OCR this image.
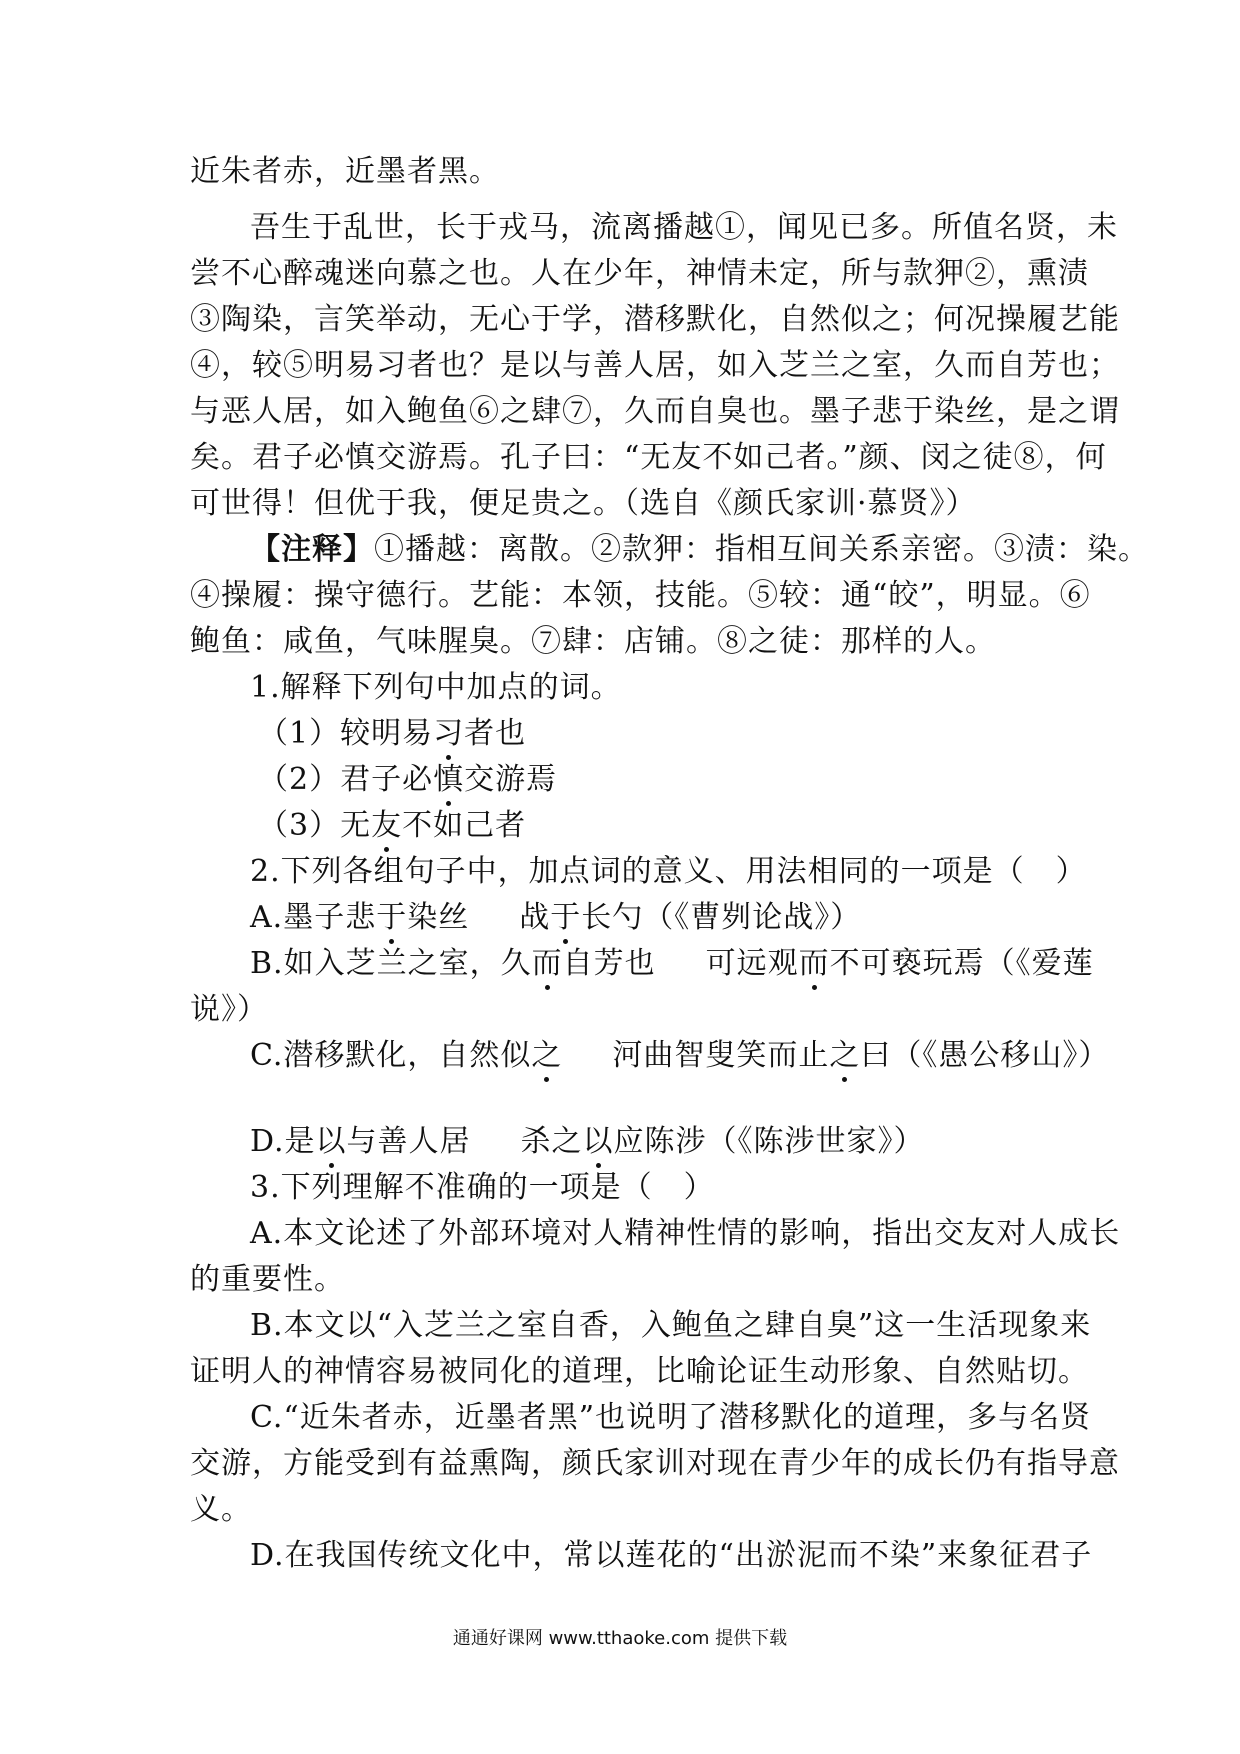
近朱者赤，近墨者黑。
吾生于乱世，长于戎马，流离播越①，闻见已多。所值名贤，未
尝不心醉魂迷向慕之也。人在少年，神情未定，所与款狎②，熏渍
③陶染，言笑举动，无心于学，潜移默化，自然似之；何况操履艺能
④，较⑤明易习者也？是以与善人居，如入芝兰之室，久而自芳也；
与恶人居，如入鲍鱼⑥之肆⑦，久而自臭也。墨子悲于染丝，是之谓
矣。君子必慎交游焉。孔子曰：“无友不如己者。”颜、闵之徒⑧，何
可世得！但优于我，便足贵之。（选自《颜氏家训·慕贤》）
【注释】①播越：离散。②款狎：指相互间关系亲密。③渍：染。
④操履：操守德行。艺能：本领，技能。⑤较：通“皎”，明显。⑥
鲍鱼：咸鱼，气味腥臭。⑦肆：店铺。⑧之徒：那样的人。
1.解释下列句中加点的词。
（1）较明易习者也
（2）君子必慎交游焉
（3）无友不如己者
2.下列各组句子中，加点词的意义、用法相同的一项是（　）
A.墨子悲于染丝 战于长勺（《曹刿论战》）
B.如入芝兰之室，久而自芳也 可远观而不可亵玩焉（《爱莲
说》）
C.潜移默化，自然似之 河曲智叟笑而止之曰（《愚公移山》）
D.是以与善人居 杀之以应陈涉（《陈涉世家》）
3.下列理解不准确的一项是（　）
A.本文论述了外部环境对人精神性情的影响，指出交友对人成长
的重要性。
B.本文以“入芝兰之室自香，入鲍鱼之肆自臭”这一生活现象来
证明人的神情容易被同化的道理，比喻论证生动形象、自然贴切。
C.“近朱者赤，近墨者黑”也说明了潜移默化的道理，多与名贤
交游，方能受到有益熏陶，颜氏家训对现在青少年的成长仍有指导意
义。
D.在我国传统文化中，常以莲花的“出淤泥而不染”来象征君子
通通好课网 www.tthaoke.com 提供下载
